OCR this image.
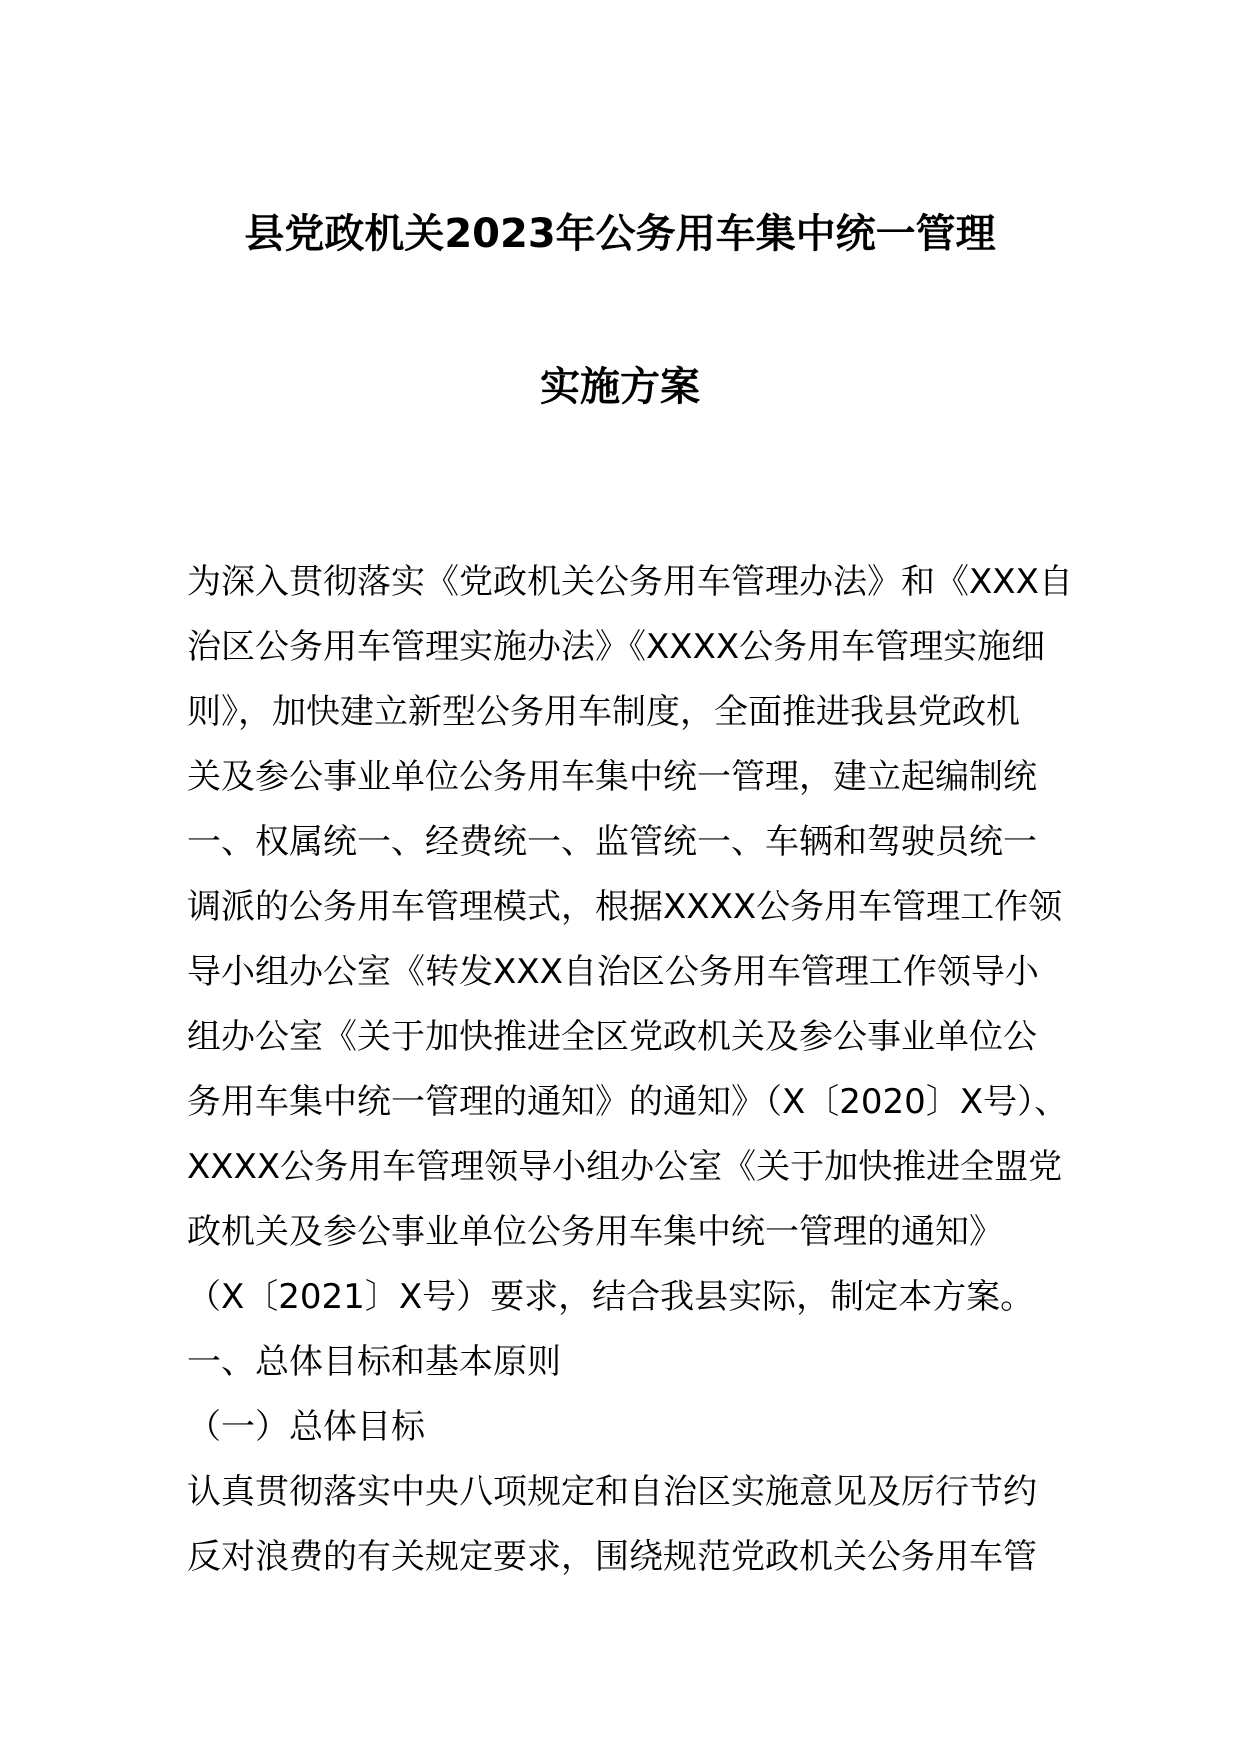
县党政机关2023年公务用车集中统一管理
实施方案

为深入贯彻落实《党政机关公务用车管理办法》和《XXX自

治区公务用车管理实施办法》《XXXX公务用车管理实施细

则》，加快建立新型公务用车制度，全面推进我县党政机

关及参公事业单位公务用车集中统一管理，建立起编制统

一、权属统一、经费统一、监管统一、车辆和驾驶员统一

调派的公务用车管理模式，根据XXXX公务用车管理工作领

导小组办公室《转发XXX自治区公务用车管理工作领导小

组办公室《关于加快推进全区党政机关及参公事业单位公

务用车集中统一管理的通知》的通知》（X〔2020〕X号）、

XXXX公务用车管理领导小组办公室《关于加快推进全盟党

政机关及参公事业单位公务用车集中统一管理的通知》

（X〔2021〕X号）要求，结合我县实际，制定本方案。

一、总体目标和基本原则

（一）总体目标

认真贯彻落实中央八项规定和自治区实施意见及厉行节约

反对浪费的有关规定要求，围绕规范党政机关公务用车管
